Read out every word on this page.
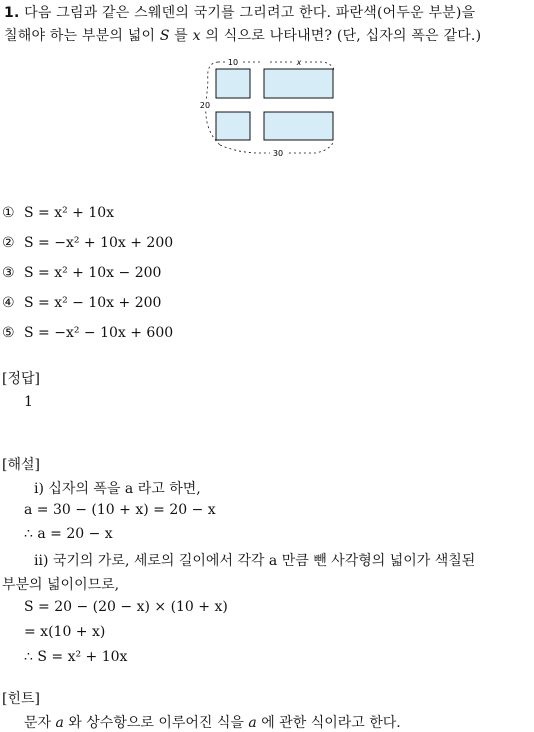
1. 다음 그림과 같은 스웨덴의 국기를 그리려고 한다. 파란색(어두운 부분)을
칠해야 하는 부분의 넓이 S 를 x 의 식으로 나타내면? (단, 십자의 폭은 같다.)
10	x
20
30
① S = x² + 10x
② S = −x² + 10x + 200
③ S = x² + 10x − 200
④ S = x² − 10x + 200
⑤ S = −x² − 10x + 600
[정답]
1
[해설]
ⅰ) 십자의 폭을 a 라고 하면,
a = 30 − (10 + x) = 20 − x
∴ a = 20 − x
ⅱ) 국기의 가로, 세로의 길이에서 각각 a 만큼 뺀 사각형의 넓이가 색칠된
부분의 넓이이므로,
S = 20 − (20 − x) × (10 + x)
= x(10 + x)
∴ S = x² + 10x
[힌트]
문자 a 와 상수항으로 이루어진 식을 a 에 관한 식이라고 한다.
